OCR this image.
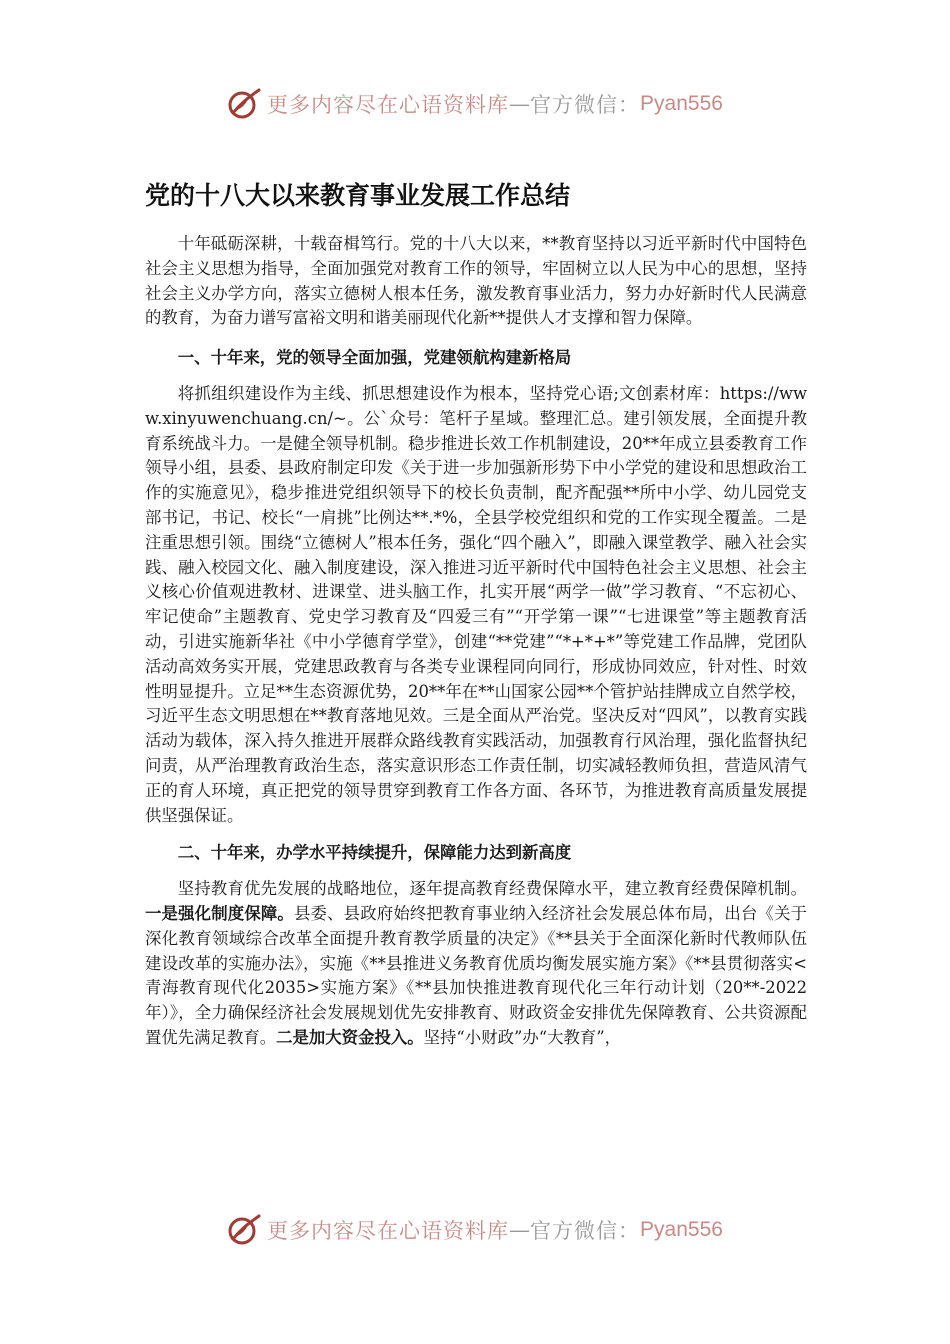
更多内容尽在心语资料库 — 官方微信： Pyan556
党的十八大以来教育事业发展工作总结

十年砥砺深耕，十载奋楫笃行。党的十八大以来，**教育坚持以习近平新时代中国特色社会主义思想为指导，全面加强党对教育工作的领导，牢固树立以人民为中心的思想，坚持社会主义办学方向，落实立德树人根本任务，激发教育事业活力，努力办好新时代人民满意的教育，为奋力谱写富裕文明和谐美丽现代化新**提供人才支撑和智力保障。

一、十年来，党的领导全面加强，党建领航构建新格局

将抓组织建设作为主线、抓思想建设作为根本，坚持党心语;文创素材库：https://www.xinyuwenchuang.cn/~。公`众号：笔杆子星域。整理汇总。建引领发展，全面提升教育系统战斗力。一是健全领导机制。稳步推进长效工作机制建设，20**年成立县委教育工作领导小组，县委、县政府制定印发《关于进一步加强新形势下中小学党的建设和思想政治工作的实施意见》，稳步推进党组织领导下的校长负责制，配齐配强**所中小学、幼儿园党支部书记，书记、校长“一肩挑”比例达**.*%，全县学校党组织和党的工作实现全覆盖。二是注重思想引领。围绕“立德树人”根本任务，强化“四个融入”，即融入课堂教学、融入社会实践、融入校园文化、融入制度建设，深入推进习近平新时代中国特色社会主义思想、社会主义核心价值观进教材、进课堂、进头脑工作，扎实开展“两学一做”学习教育、“不忘初心、牢记使命”主题教育、党史学习教育及“四爱三有”“开学第一课”“七进课堂”等主题教育活动，引进实施新华社《中小学德育学堂》，创建“**党建”“*+*+*”等党建工作品牌，党团队活动高效务实开展，党建思政教育与各类专业课程同向同行，形成协同效应，针对性、时效性明显提升。立足**生态资源优势，20**年在**山国家公园**个管护站挂牌成立自然学校，习近平生态文明思想在**教育落地见效。三是全面从严治党。坚决反对“四风”，以教育实践活动为载体，深入持久推进开展群众路线教育实践活动，加强教育行风治理，强化监督执纪问责，从严治理教育政治生态，落实意识形态工作责任制，切实减轻教师负担，营造风清气正的育人环境，真正把党的领导贯穿到教育工作各方面、各环节，为推进教育高质量发展提供坚强保证。

二、十年来，办学水平持续提升，保障能力达到新高度

坚持教育优先发展的战略地位，逐年提高教育经费保障水平，建立教育经费保障机制。一是强化制度保障。县委、县政府始终把教育事业纳入经济社会发展总体布局，出台《关于深化教育领域综合改革全面提升教育教学质量的决定》《**县关于全面深化新时代教师队伍建设改革的实施办法》，实施《**县推进义务教育优质均衡发展实施方案》《**县贯彻落实<青海教育现代化2035>实施方案》《**县加快推进教育现代化三年行动计划（20**-2022年）》，全力确保经济社会发展规划优先安排教育、财政资金安排优先保障教育、公共资源配置优先满足教育。二是加大资金投入。坚持“小财政”办“大教育”，

更多内容尽在心语资料库 — 官方微信： Pyan556
